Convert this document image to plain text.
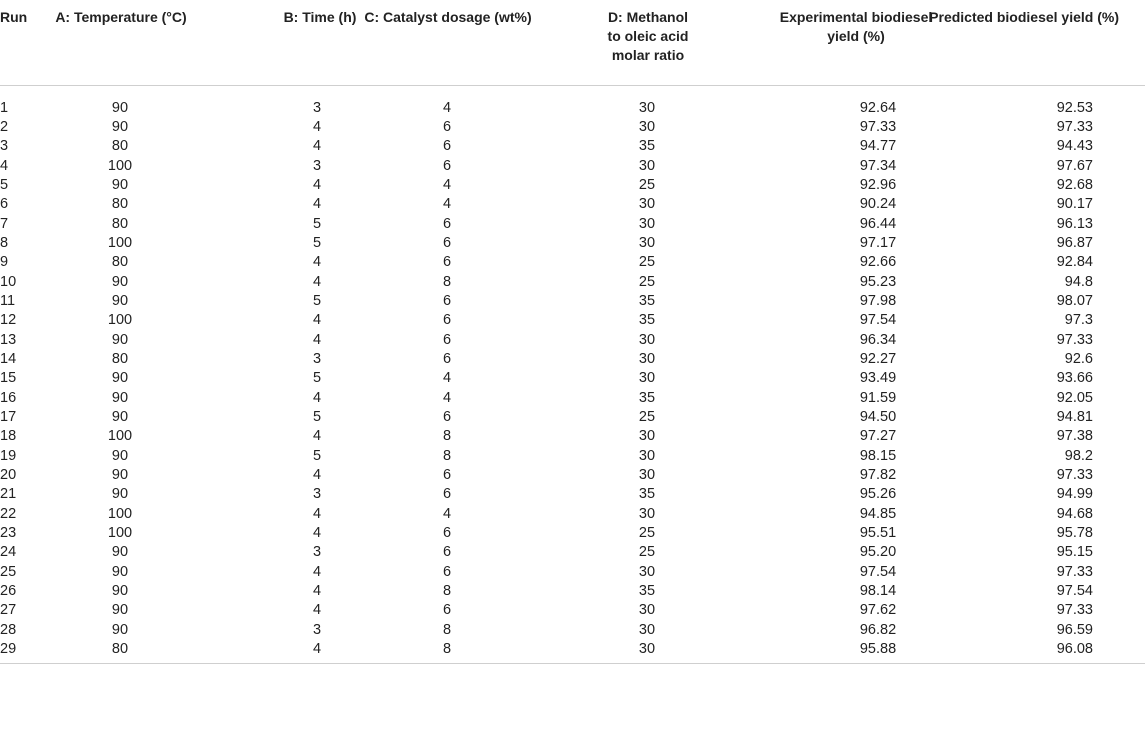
Run	A: Temperature (°C)	B: Time (h)	C: Catalyst dosage (wt%)	D: Methanol to oleic acid molar ratio	Experimental biodiesel yield (%)	Predicted biodiesel yield (%)
1	90	3	4	30	92.64	92.53
2	90	4	6	30	97.33	97.33
3	80	4	6	35	94.77	94.43
4	100	3	6	30	97.34	97.67
5	90	4	4	25	92.96	92.68
6	80	4	4	30	90.24	90.17
7	80	5	6	30	96.44	96.13
8	100	5	6	30	97.17	96.87
9	80	4	6	25	92.66	92.84
10	90	4	8	25	95.23	94.8
11	90	5	6	35	97.98	98.07
12	100	4	6	35	97.54	97.3
13	90	4	6	30	96.34	97.33
14	80	3	6	30	92.27	92.6
15	90	5	4	30	93.49	93.66
16	90	4	4	35	91.59	92.05
17	90	5	6	25	94.50	94.81
18	100	4	8	30	97.27	97.38
19	90	5	8	30	98.15	98.2
20	90	4	6	30	97.82	97.33
21	90	3	6	35	95.26	94.99
22	100	4	4	30	94.85	94.68
23	100	4	6	25	95.51	95.78
24	90	3	6	25	95.20	95.15
25	90	4	6	30	97.54	97.33
26	90	4	8	35	98.14	97.54
27	90	4	6	30	97.62	97.33
28	90	3	8	30	96.82	96.59
29	80	4	8	30	95.88	96.08
